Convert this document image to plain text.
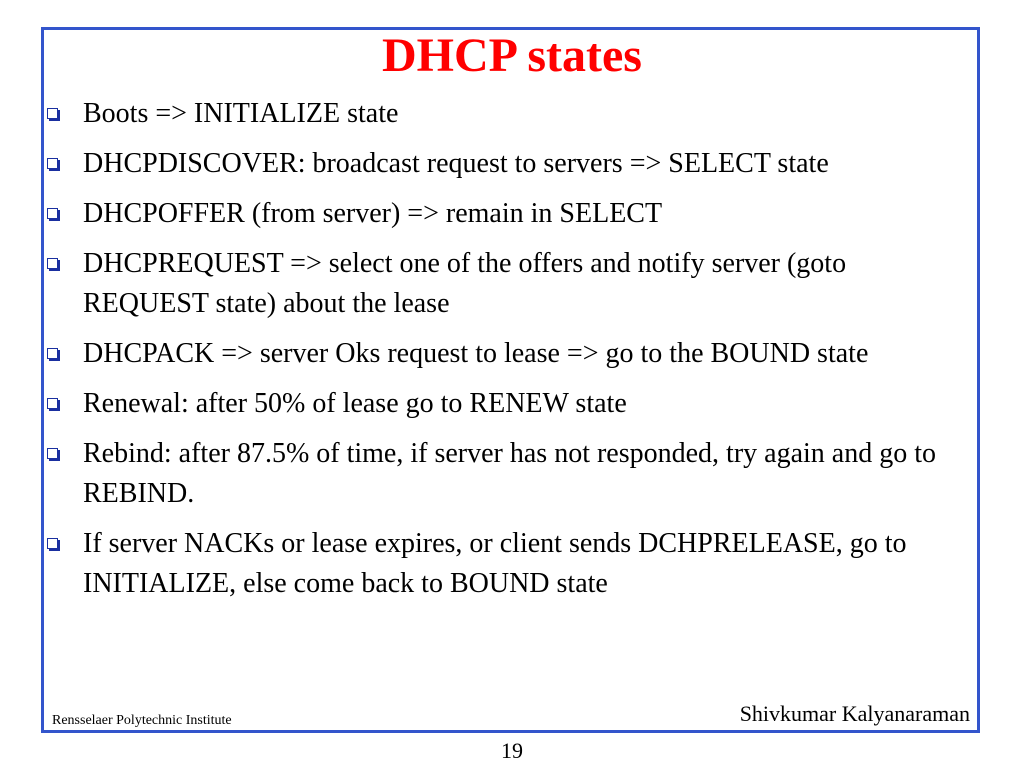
DHCP states
Boots => INITIALIZE state
DHCPDISCOVER: broadcast request to servers => SELECT state
DHCPOFFER (from server) => remain in SELECT
DHCPREQUEST => select one of the offers and notify server (goto REQUEST state) about the lease
DHCPACK => server Oks request to lease => go to the BOUND state
Renewal: after 50% of lease go to RENEW state
Rebind: after 87.5% of time, if server has not responded, try again and go to REBIND.
If server NACKs or lease expires, or client sends DCHPRELEASE, go to INITIALIZE, else come back to BOUND state
Rensselaer Polytechnic Institute	Shivkumar Kalyanaraman
19
